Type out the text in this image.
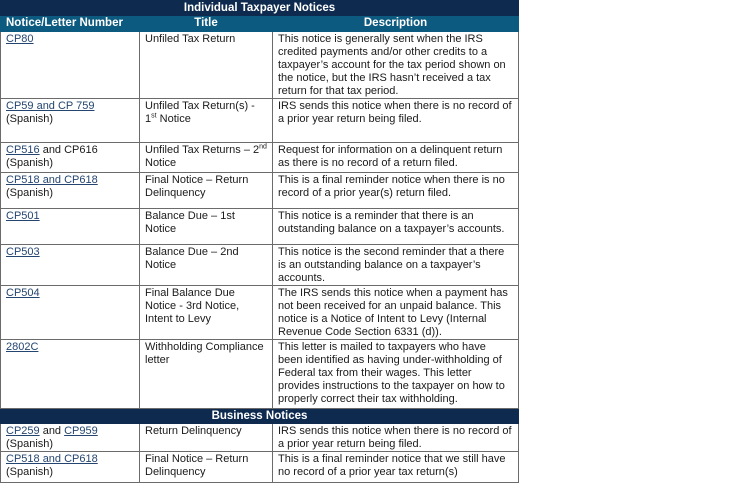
Individual Taxpayer Notices		
Notice/Letter Number	Title	Description
CP80	Unfiled Tax Return	This notice is generally sent when the IRS credited payments and/or other credits to a taxpayer’s account for the tax period shown on the notice, but the IRS hasn’t received a tax return for that tax period.
CP59 and CP 759
(Spanish)	Unfiled Tax Return(s) - 1st Notice	IRS sends this notice when there is no record of a prior year return being filed.
CP516 and CP616 (Spanish)	Unfiled Tax Returns – 2nd Notice	Request for information on a delinquent return as there is no record of a return filed.
CP518 and CP618
(Spanish)	Final Notice – Return Delinquency	This is a final reminder notice when there is no record of a prior year(s) return filed.
CP501	Balance Due – 1st Notice	This notice is a reminder that there is an outstanding balance on a taxpayer’s accounts.
CP503	Balance Due – 2nd Notice	This notice is the second reminder that a there is an outstanding balance on a taxpayer’s accounts.
CP504	Final Balance Due Notice - 3rd Notice, Intent to Levy	The IRS sends this notice when a payment has not been received for an unpaid balance. This notice is a Notice of Intent to Levy (Internal Revenue Code Section 6331 (d)).
2802C	Withholding Compliance letter	This letter is mailed to taxpayers who have been identified as having under-withholding of Federal tax from their wages. This letter provides instructions to the taxpayer on how to properly correct their tax withholding.
Business Notices		
CP259 and CP959
(Spanish)	Return Delinquency	IRS sends this notice when there is no record of a prior year return being filed.
CP518 and CP618
(Spanish)	Final Notice – Return Delinquency	This is a final reminder notice that we still have no record of a prior year tax return(s)
